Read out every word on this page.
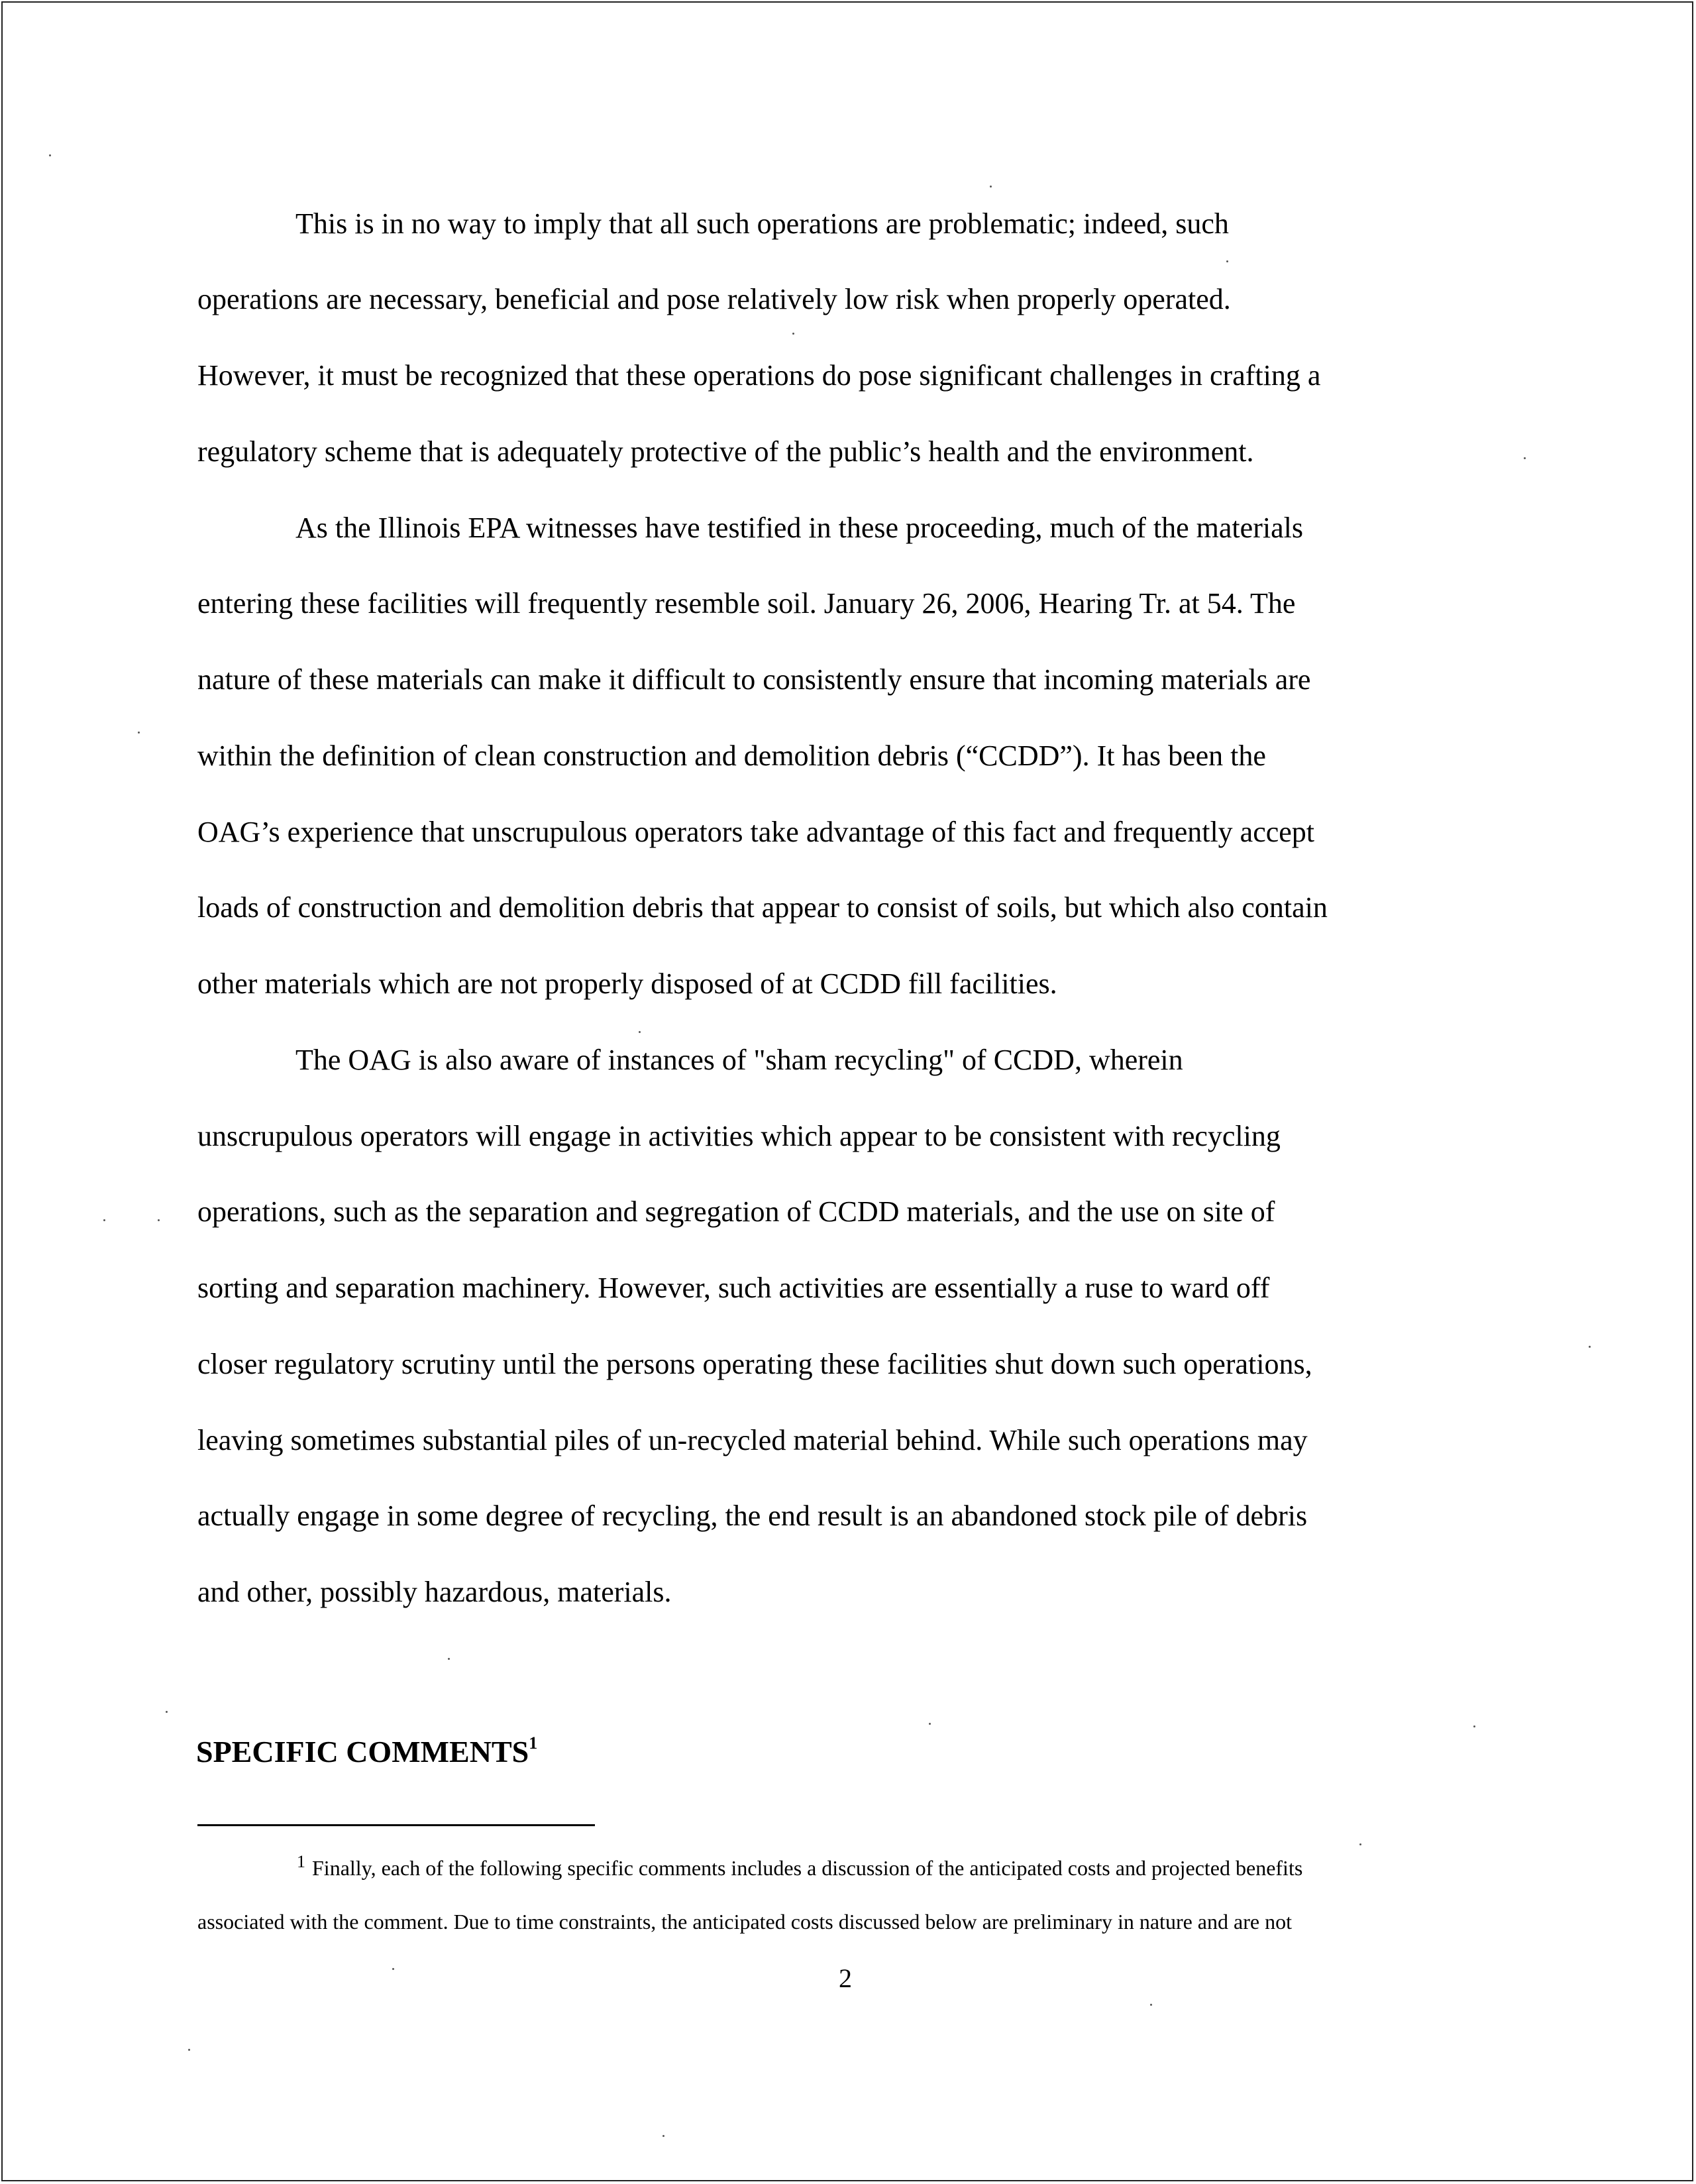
This is in no way to imply that all such operations are problematic; indeed, such
operations are necessary, beneficial and pose relatively low risk when properly operated.
However, it must be recognized that these operations do pose significant challenges in crafting a
regulatory scheme that is adequately protective of the public’s health and the environment.
As the Illinois EPA witnesses have testified in these proceeding, much of the materials
entering these facilities will frequently resemble soil. January 26, 2006, Hearing Tr. at 54. The
nature of these materials can make it difficult to consistently ensure that incoming materials are
within the definition of clean construction and demolition debris (“CCDD”). It has been the
OAG’s experience that unscrupulous operators take advantage of this fact and frequently accept
loads of construction and demolition debris that appear to consist of soils, but which also contain
other materials which are not properly disposed of at CCDD fill facilities.
The OAG is also aware of instances of "sham recycling" of CCDD, wherein
unscrupulous operators will engage in activities which appear to be consistent with recycling
operations, such as the separation and segregation of CCDD materials, and the use on site of
sorting and separation machinery. However, such activities are essentially a ruse to ward off
closer regulatory scrutiny until the persons operating these facilities shut down such operations,
leaving sometimes substantial piles of un-recycled material behind. While such operations may
actually engage in some degree of recycling, the end result is an abandoned stock pile of debris
and other, possibly hazardous, materials.
SPECIFIC COMMENTS$^1$
$^1$ Finally, each of the following specific comments includes a discussion of the anticipated costs and projected benefits
associated with the comment. Due to time constraints, the anticipated costs discussed below are preliminary in nature and are not
2
